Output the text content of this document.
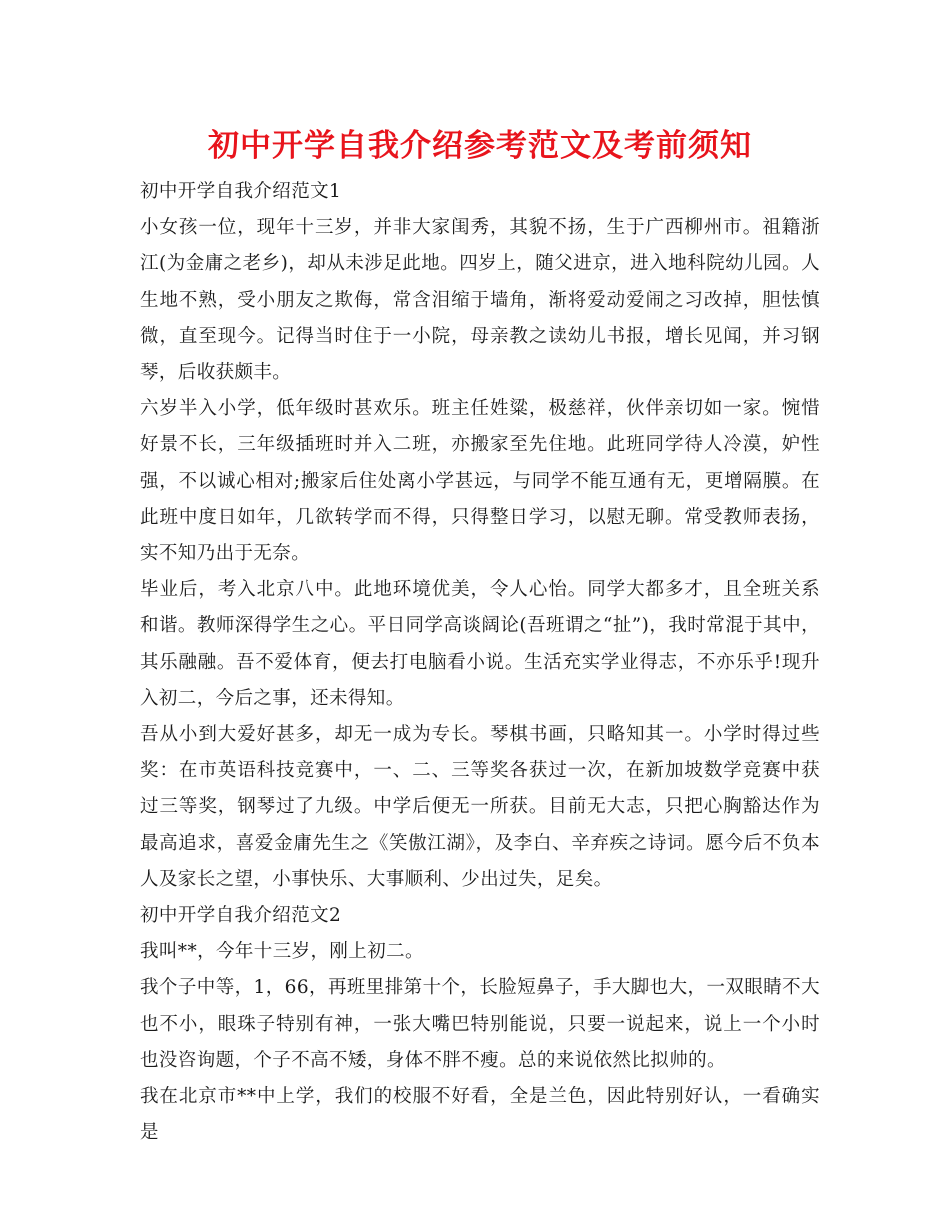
初中开学自我介绍参考范文及考前须知

初中开学自我介绍范文1

小女孩一位，现年十三岁，并非大家闺秀，其貌不扬，生于广西柳州市。祖籍浙江(为金庸之老乡)，却从未涉足此地。四岁上，随父进京，进入地科院幼儿园。人生地不熟，受小朋友之欺侮，常含泪缩于墙角，渐将爱动爱闹之习改掉，胆怯慎微，直至现今。记得当时住于一小院，母亲教之读幼儿书报，增长见闻，并习钢琴，后收获颇丰。

六岁半入小学，低年级时甚欢乐。班主任姓粱，极慈祥，伙伴亲切如一家。惋惜好景不长，三年级插班时并入二班，亦搬家至先住地。此班同学待人冷漠，妒性强，不以诚心相对;搬家后住处离小学甚远，与同学不能互通有无，更增隔膜。在此班中度日如年，几欲转学而不得，只得整日学习，以慰无聊。常受教师表扬，实不知乃出于无奈。

毕业后，考入北京八中。此地环境优美，令人心怡。同学大都多才，且全班关系和谐。教师深得学生之心。平日同学高谈阔论(吾班谓之“扯”)，我时常混于其中，其乐融融。吾不爱体育，便去打电脑看小说。生活充实学业得志，不亦乐乎!现升入初二，今后之事，还未得知。

吾从小到大爱好甚多，却无一成为专长。琴棋书画，只略知其一。小学时得过些奖：在市英语科技竞赛中，一、二、三等奖各获过一次，在新加坡数学竞赛中获过三等奖，钢琴过了九级。中学后便无一所获。目前无大志，只把心胸豁达作为最高追求，喜爱金庸先生之《笑傲江湖》，及李白、辛弃疾之诗词。愿今后不负本人及家长之望，小事快乐、大事顺利、少出过失，足矣。

初中开学自我介绍范文2

我叫**，今年十三岁，刚上初二。

我个子中等，1，66，再班里排第十个，长脸短鼻子，手大脚也大，一双眼睛不大也不小，眼珠子特别有神，一张大嘴巴特别能说，只要一说起来，说上一个小时也没咨询题，个子不高不矮，身体不胖不瘦。总的来说依然比拟帅的。

我在北京市**中上学，我们的校服不好看，全是兰色，因此特别好认，一看确实是
